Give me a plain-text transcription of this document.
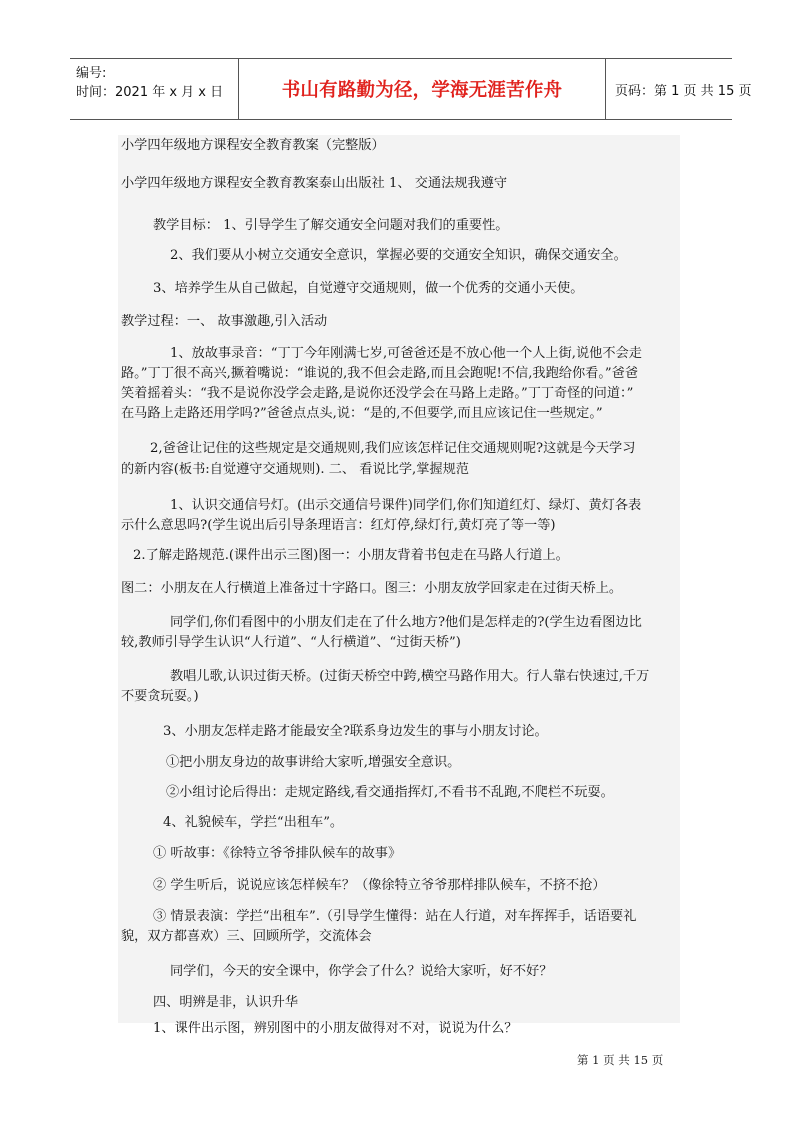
编号:
时间：2021 年 x 月 x 日	书山有路勤为径，学海无涯苦作舟	页码：第 1 页 共 15 页
小学四年级地方课程安全教育教案（完整版）
小学四年级地方课程安全教育教案泰山出版社 1、 交通法规我遵守
教学目标： 1、引导学生了解交通安全问题对我们的重要性。
2、我们要从小树立交通安全意识，掌握必要的交通安全知识，确保交通安全。
3、培养学生从自己做起，自觉遵守交通规则，做一个优秀的交通小天使。
教学过程：一、 故事激趣,引入活动
1、放故事录音：“丁丁今年刚满七岁,可爸爸还是不放心他一个人上街,说他不会走
路。”丁丁很不高兴,撅着嘴说：“谁说的,我不但会走路,而且会跑呢!不信,我跑给你看。”爸爸
笑着摇着头：“我不是说你没学会走路,是说你还没学会在马路上走路。”丁丁奇怪的问道：”
在马路上走路还用学吗?”爸爸点点头,说：“是的,不但要学,而且应该记住一些规定。”
2,爸爸让记住的这些规定是交通规则,我们应该怎样记住交通规则呢?这就是今天学习
的新内容(板书:自觉遵守交通规则). 二、 看说比学,掌握规范
1、认识交通信号灯。(出示交通信号课件)同学们,你们知道红灯、绿灯、黄灯各表
示什么意思吗?(学生说出后引导条理语言：红灯停,绿灯行,黄灯亮了等一等)
2.了解走路规范.(课件出示三图)图一：小朋友背着书包走在马路人行道上。
图二：小朋友在人行横道上准备过十字路口。图三：小朋友放学回家走在过街天桥上。
同学们,你们看图中的小朋友们走在了什么地方?他们是怎样走的?(学生边看图边比
较,教师引导学生认识“人行道”、“人行横道”、“过街天桥”)
教唱儿歌,认识过街天桥。(过街天桥空中跨,横空马路作用大。行人靠右快速过,千万
不要贪玩耍。)
3、小朋友怎样走路才能最安全?联系身边发生的事与小朋友讨论。
①把小朋友身边的故事讲给大家听,增强安全意识。
②小组讨论后得出：走规定路线,看交通指挥灯,不看书不乱跑,不爬栏不玩耍。
4、礼貌候车，学拦“出租车”。
① 听故事：《徐特立爷爷排队候车的故事》
② 学生听后，说说应该怎样候车？（像徐特立爷爷那样排队候车，不挤不抢）
③ 情景表演：学拦“出租车”.（引导学生懂得：站在人行道，对车挥挥手，话语要礼
貌，双方都喜欢）三、回顾所学，交流体会
同学们，今天的安全课中，你学会了什么？说给大家听，好不好？
四、明辨是非，认识升华
1、课件出示图，辨别图中的小朋友做得对不对，说说为什么？
第 1 页 共 15 页
